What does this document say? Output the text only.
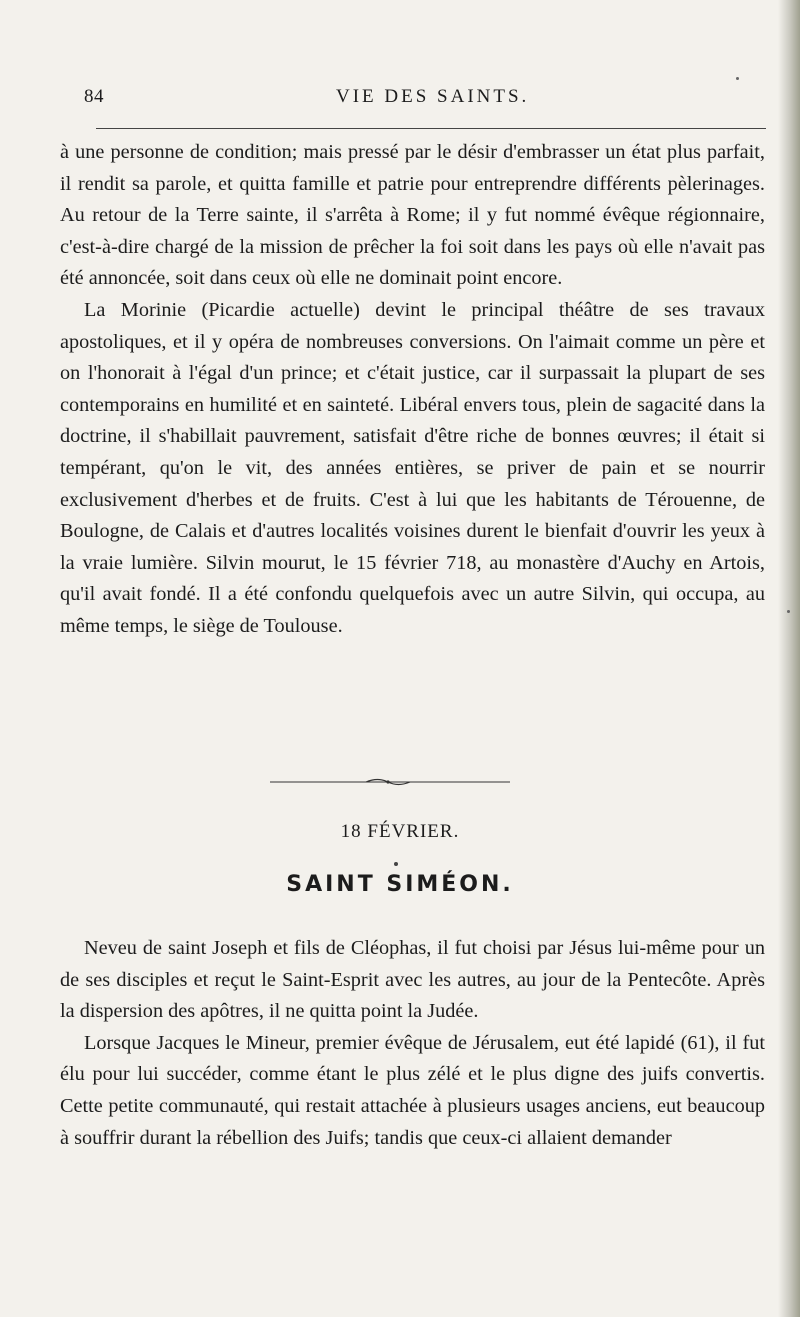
84	VIE DES SAINTS.

à une personne de condition; mais pressé par le désir d'embrasser un état plus parfait, il rendit sa parole, et quitta famille et patrie pour entreprendre différents pèlerinages. Au retour de la Terre sainte, il s'arrêta à Rome; il y fut nommé évêque régionnaire, c'est-à-dire chargé de la mission de prêcher la foi soit dans les pays où elle n'avait pas été annoncée, soit dans ceux où elle ne dominait point encore.

La Morinie (Picardie actuelle) devint le principal théâtre de ses travaux apostoliques, et il y opéra de nombreuses conversions. On l'aimait comme un père et on l'honorait à l'égal d'un prince; et c'était justice, car il surpassait la plupart de ses contemporains en humilité et en sainteté. Libéral envers tous, plein de sagacité dans la doctrine, il s'habillait pauvrement, satisfait d'être riche de bonnes œuvres; il était si tempérant, qu'on le vit, des années entières, se priver de pain et se nourrir exclusivement d'herbes et de fruits. C'est à lui que les habitants de Térouenne, de Boulogne, de Calais et d'autres localités voisines durent le bienfait d'ouvrir les yeux à la vraie lumière. Silvin mourut, le 15 février 718, au monastère d'Auchy en Artois, qu'il avait fondé. Il a été confondu quelquefois avec un autre Silvin, qui occupa, au même temps, le siège de Toulouse.

18 FÉVRIER.
SAINT SIMÉON.

Neveu de saint Joseph et fils de Cléophas, il fut choisi par Jésus lui-même pour un de ses disciples et reçut le Saint-Esprit avec les autres, au jour de la Pentecôte. Après la dispersion des apôtres, il ne quitta point la Judée.

Lorsque Jacques le Mineur, premier évêque de Jérusalem, eut été lapidé (61), il fut élu pour lui succéder, comme étant le plus zélé et le plus digne des juifs convertis. Cette petite communauté, qui restait attachée à plusieurs usages anciens, eut beaucoup à souffrir durant la rébellion des Juifs; tandis que ceux-ci allaient demander
